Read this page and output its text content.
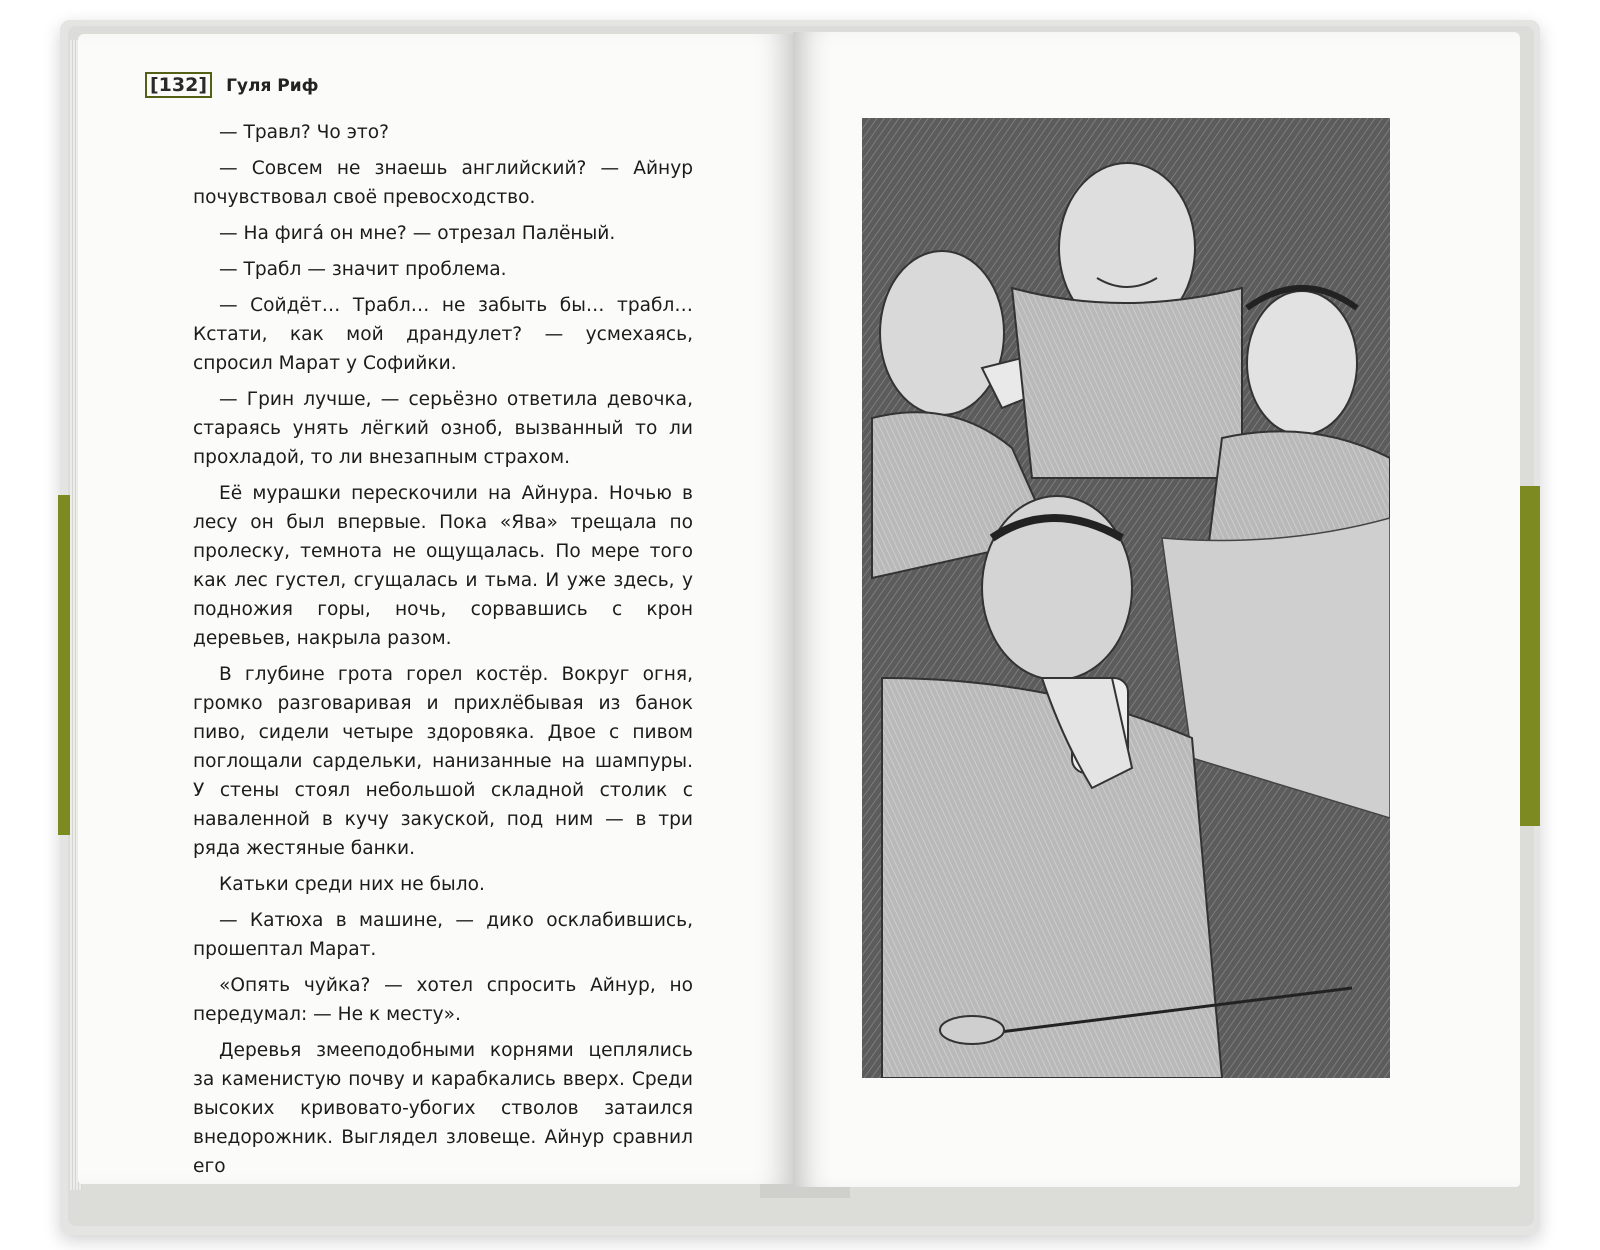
[132] Гуля Риф

— Травл? Чо это?

— Совсем не знаешь английский? — Айнур почувствовал своё превосходство.

— На фигá он мне? — отрезал Палёный.

— Трабл — значит проблема.

— Сойдёт… Трабл… не забыть бы… трабл… Кстати, как мой драндулет? — усмехаясь, спросил Марат у Софийки.

— Грин лучше, — серьёзно ответила девочка, стараясь унять лёгкий озноб, вызванный то ли прохладой, то ли внезапным страхом.

Её мурашки перескочили на Айнура. Ночью в лесу он был впервые. Пока «Ява» трещала по пролеску, темнота не ощущалась. По мере того как лес густел, сгущалась и тьма. И уже здесь, у подножия горы, ночь, сорвавшись с крон деревьев, накрыла разом.

В глубине грота горел костёр. Вокруг огня, громко разговаривая и прихлёбывая из банок пиво, сидели четыре здоровяка. Двое с пивом поглощали сардельки, нанизанные на шампуры. У стены стоял небольшой складной столик с наваленной в кучу закуской, под ним — в три ряда жестяные банки.

Катьки среди них не было.

— Катюха в машине, — дико осклабившись, прошептал Марат.

«Опять чуйка? — хотел спросить Айнур, но передумал: — Не к месту».

Деревья змееподобными корнями цеплялись за каменистую почву и карабкались вверх. Среди высоких кривовато-убогих стволов затаился внедорожник. Выглядел зловеще. Айнур сравнил его
